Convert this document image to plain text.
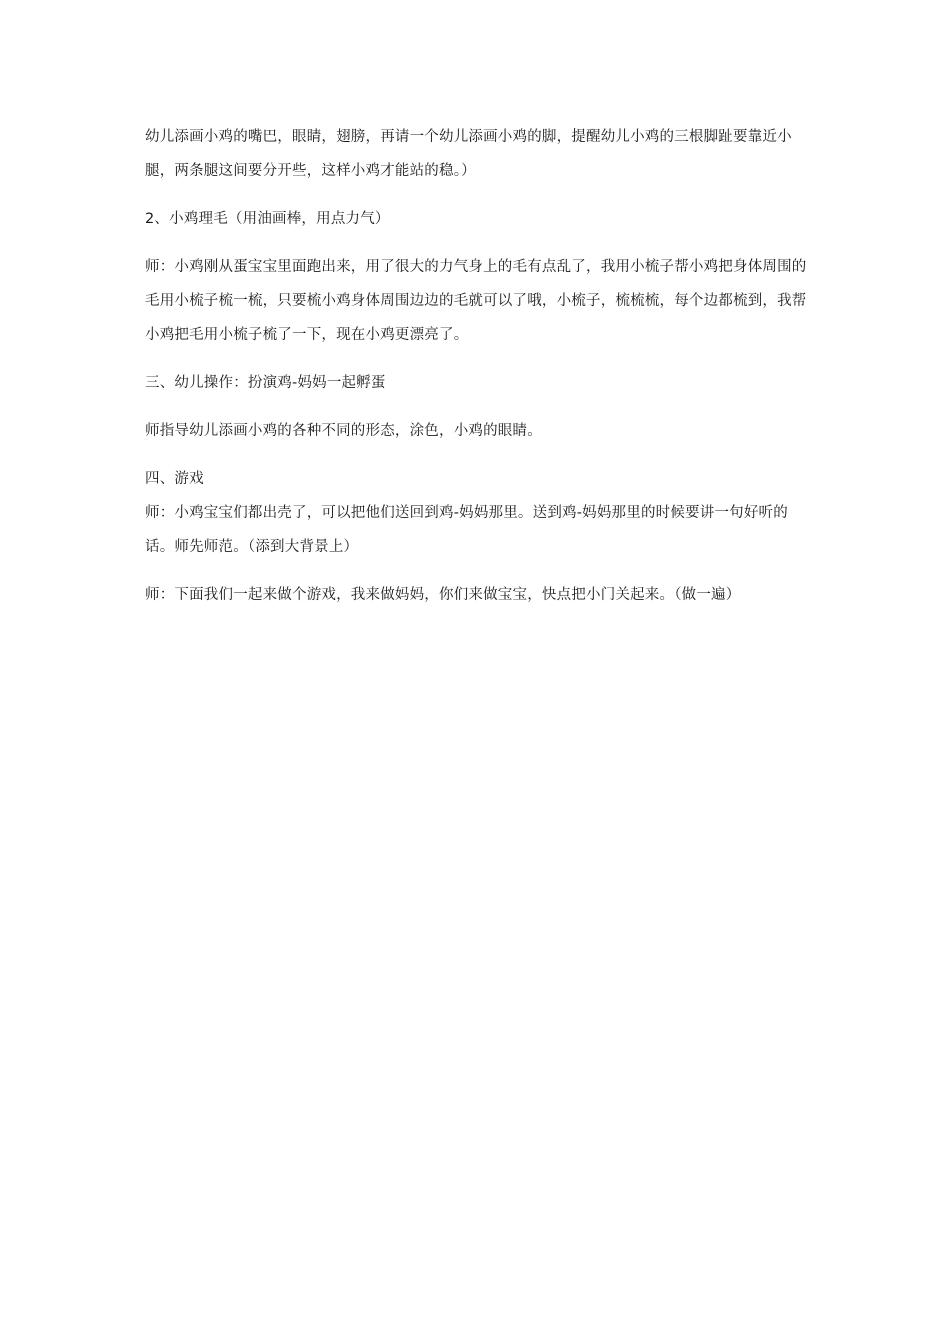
幼儿添画小鸡的嘴巴，眼睛，翅膀，再请一个幼儿添画小鸡的脚，提醒幼儿小鸡的三根脚趾要靠近小腿，两条腿这间要分开些，这样小鸡才能站的稳。）

2、小鸡理毛（用油画棒，用点力气）

师：小鸡刚从蛋宝宝里面跑出来，用了很大的力气身上的毛有点乱了，我用小梳子帮小鸡把身体周围的毛用小梳子梳一梳，只要梳小鸡身体周围边边的毛就可以了哦，小梳子，梳梳梳，每个边都梳到，我帮小鸡把毛用小梳子梳了一下，现在小鸡更漂亮了。

三、幼儿操作：扮演鸡-妈妈一起孵蛋

师指导幼儿添画小鸡的各种不同的形态，涂色，小鸡的眼睛。

四、游戏

师：小鸡宝宝们都出壳了，可以把他们送回到鸡-妈妈那里。送到鸡-妈妈那里的时候要讲一句好听的话。师先师范。（添到大背景上）

师：下面我们一起来做个游戏，我来做妈妈，你们来做宝宝，快点把小门关起来。（做一遍）
